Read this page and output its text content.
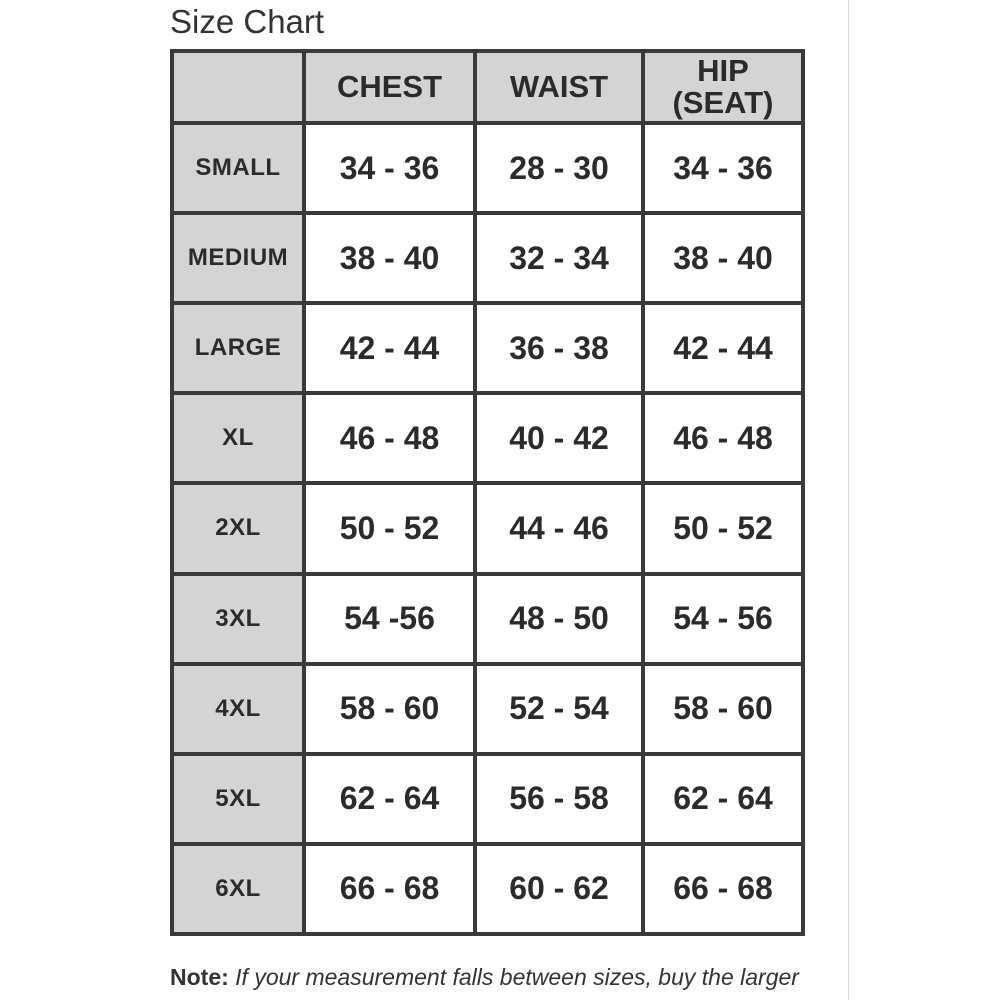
Size Chart
	CHEST	WAIST	HIP
(SEAT)
SMALL	34 - 36	28 - 30	34 - 36
MEDIUM	38 - 40	32 - 34	38 - 40
LARGE	42 - 44	36 - 38	42 - 44
XL	46 - 48	40 - 42	46 - 48
2XL	50 - 52	44 - 46	50 - 52
3XL	54 -56	48 - 50	54 - 56
4XL	58 - 60	52 - 54	58 - 60
5XL	62 - 64	56 - 58	62 - 64
6XL	66 - 68	60 - 62	66 - 68
Note: If your measurement falls between sizes, buy the larger
